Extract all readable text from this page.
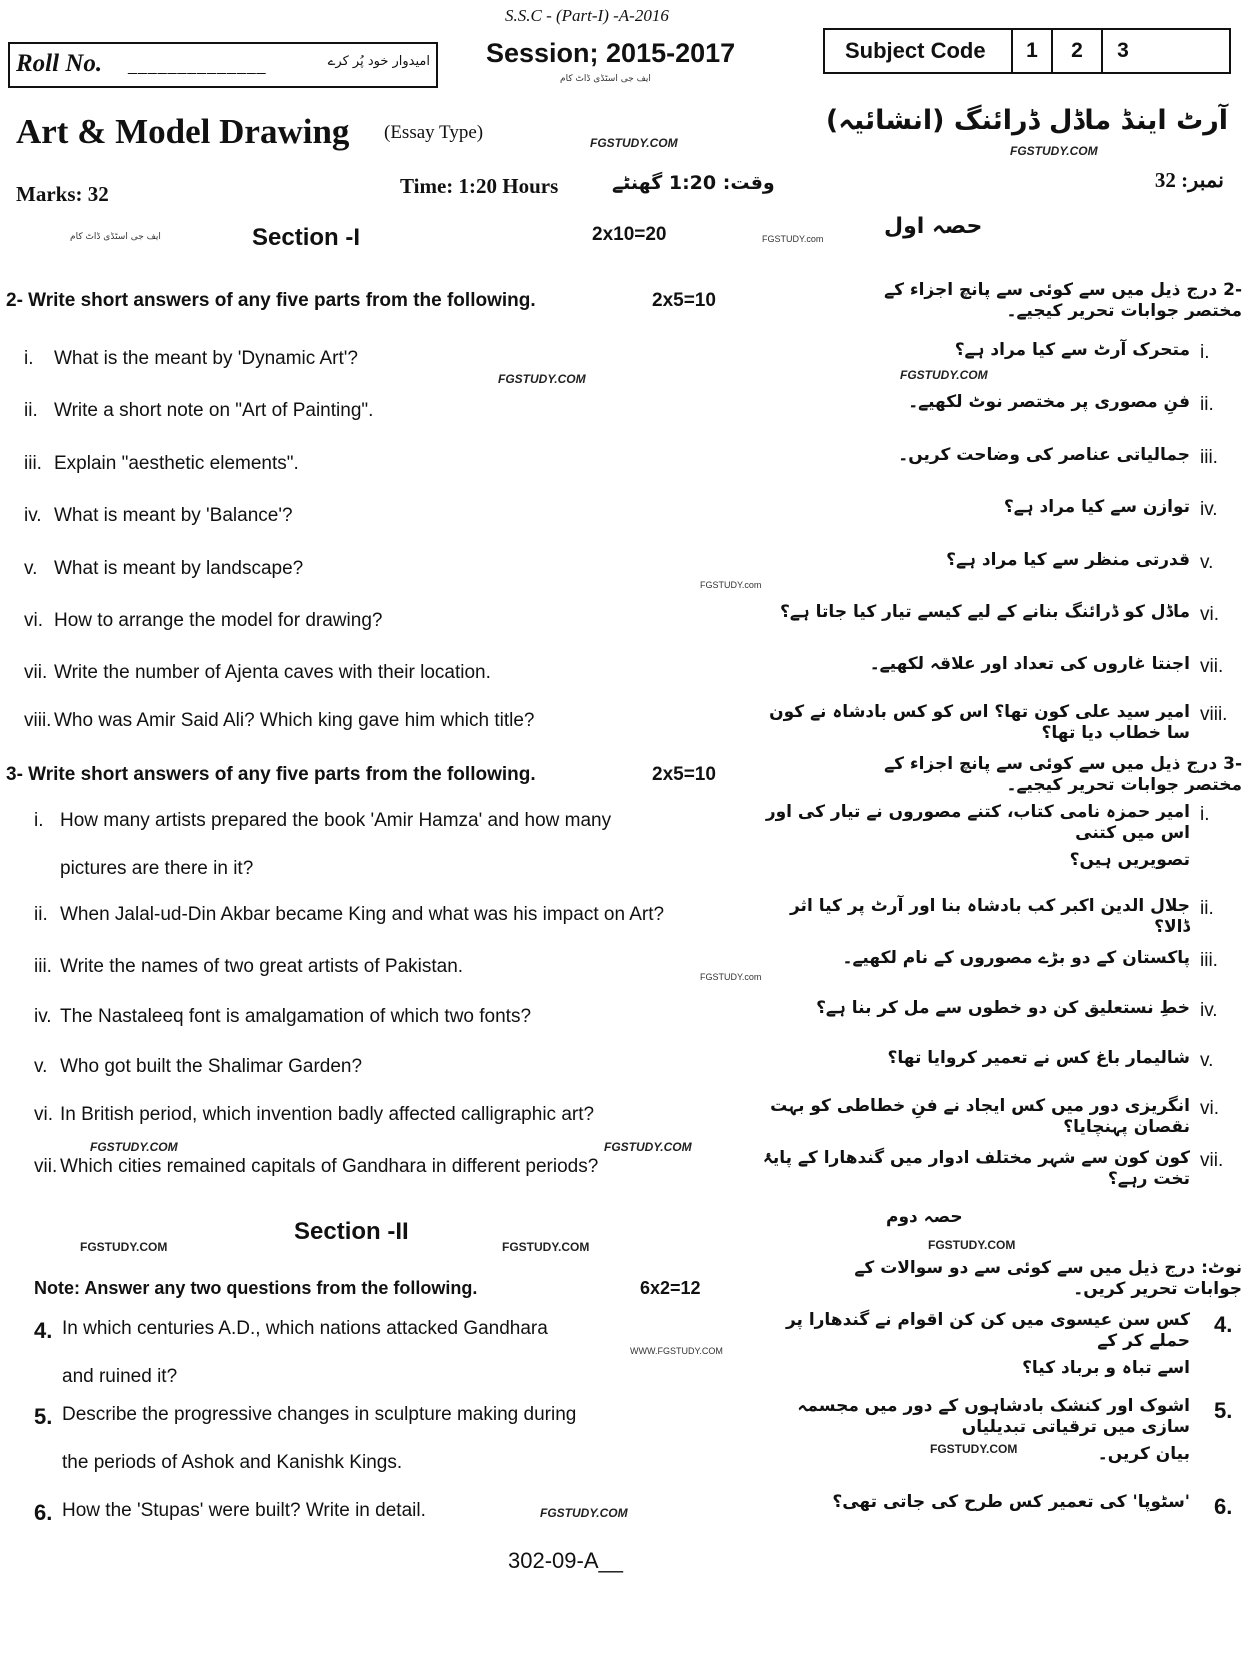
S.S.C - (Part-I) -A-2016
Roll No. ______________	امیدوار خود پُر کرے Session; 2015-2017
ایف جی اسٹڈی ڈاٹ کام
Subject Code	1	2	3
Art & Model Drawing (Essay Type)	FGSTUDY.COM
آرٹ اینڈ ماڈل ڈرائنگ (انشائیہ)
FGSTUDY.COM
Marks: 32	Time: 1:20 Hours	وقت: 1:20 گھنٹے	نمبر: 32
ایف جی اسٹڈی ڈاٹ کام	Section -I	2x10=20	FGSTUDY.com	حصہ اول
2- Write short answers of any five parts from the following.	2x5=10	-2 درج ذیل میں سے کوئی سے پانچ اجزاء کے مختصر جوابات تحریر کیجیے۔
i. What is the meant by 'Dynamic Art'?	متحرک آرٹ سے کیا مراد ہے؟ i.
ii. Write a short note on "Art of Painting".	فنِ مصوری پر مختصر نوٹ لکھیے۔ ii.
iii. Explain "aesthetic elements".	جمالیاتی عناصر کی وضاحت کریں۔ iii.
iv. What is meant by 'Balance'?	توازن سے کیا مراد ہے؟ iv.
v. What is meant by landscape?	قدرتی منظر سے کیا مراد ہے؟ v.
vi. How to arrange the model for drawing?	ماڈل کو ڈرائنگ بنانے کے لیے کیسے تیار کیا جاتا ہے؟ vi.
vii. Write the number of Ajenta caves with their location.	اجنتا غاروں کی تعداد اور علاقہ لکھیے۔ vii.
viii. Who was Amir Said Ali? Which king gave him which title?	امیر سید علی کون تھا؟ اس کو کس بادشاہ نے کون سا خطاب دیا تھا؟
viii.
3- Write short answers of any five parts from the following.	2x5=10	-3 درج ذیل میں سے کوئی سے پانچ اجزاء کے مختصر جوابات تحریر کیجیے۔
i. How many artists prepared the book 'Amir Hamza' and how many	امیر حمزہ نامی کتاب، کتنے مصوروں نے تیار کی اور اس میں کتنی
i.
pictures are there in it?	تصویریں ہیں؟
ii. When Jalal-ud-Din Akbar became King and what was his impact on Art?	جلال الدین اکبر کب بادشاہ بنا اور آرٹ پر کیا اثر ڈالا؟
ii.
iii. Write the names of two great artists of Pakistan.	پاکستان کے دو بڑے مصوروں کے نام لکھیے۔ iii.
iv. The Nastaleeq font is amalgamation of which two fonts?	خطِ نستعلیق کن دو خطوں سے مل کر بنا ہے؟ iv.
v. Who got built the Shalimar Garden?	شالیمار باغ کس نے تعمیر کروایا تھا؟ v.
vi. In British period, which invention badly affected calligraphic art?	انگریزی دور میں کس ایجاد نے فنِ خطاطی کو بہت نقصان پہنچایا؟
vi.
vii. Which cities remained capitals of Gandhara in different periods?	کون کون سے شہر مختلف ادوار میں گندھارا کے پایۂ تخت رہے؟
vii.
FGSTUDY.COM	FGSTUDY.COM
FGSTUDY.COM	FGSTUDY.COM
FGSTUDY.com
FGSTUDY.com
Section -II
FGSTUDY.COM	FGSTUDY.COM
حصہ دوم
FGSTUDY.COM
Note: Answer any two questions from the following.	6x2=12
نوٹ: درج ذیل میں سے کوئی سے دو سوالات کے جوابات تحریر کریں۔
4. In which centuries A.D., which nations attacked Gandhara	کس سن عیسوی میں کن کن اقوام نے گندھارا پر حملے کر کے
4.
and ruined it?	اسے تباہ و برباد کیا؟
5. Describe the progressive changes in sculpture making during	اشوک اور کنشک بادشاہوں کے دور میں مجسمہ سازی میں ترقیاتی تبدیلیاں
5.
the periods of Ashok and Kanishk Kings.	بیان کریں۔
6. How the 'Stupas' were built? Write in detail.	'سٹوپا' کی تعمیر کس طرح کی جاتی تھی؟ 6.
WWW.FGSTUDY.COM
FGSTUDY.COM
FGSTUDY.COM
302-09-A__
